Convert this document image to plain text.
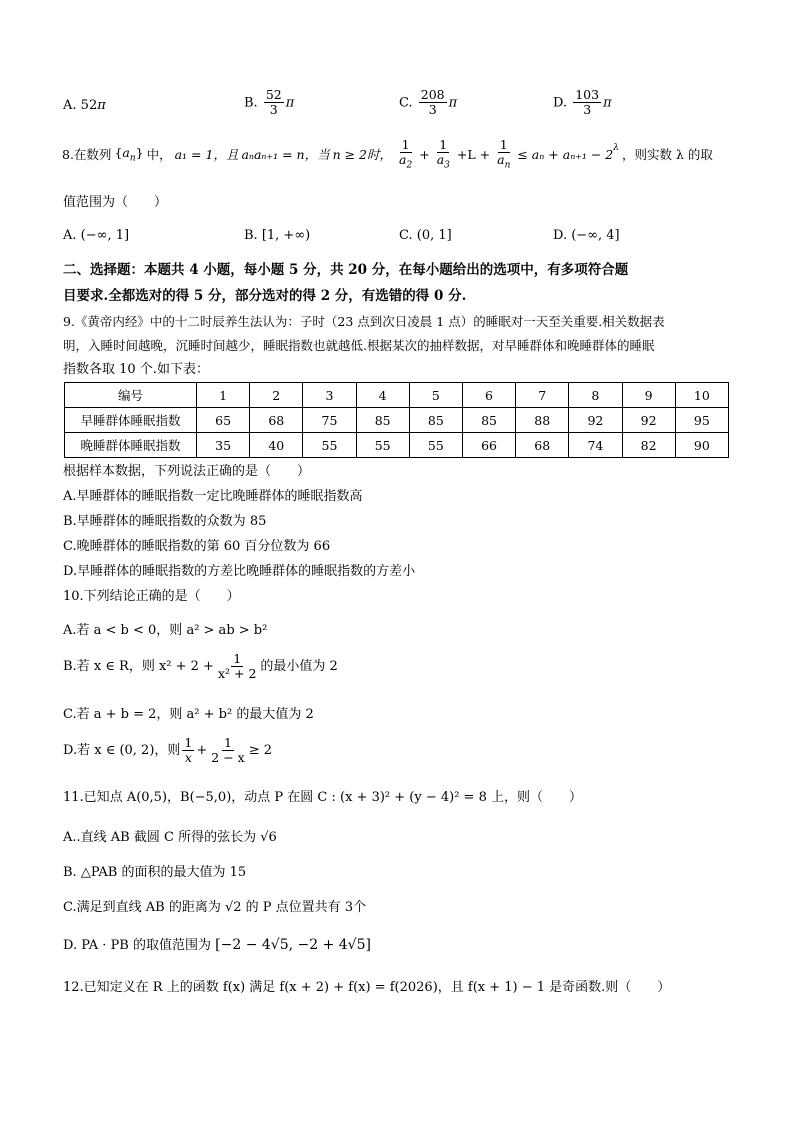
A. 52π	B. $\frac{52}{3}$ π	C. $\frac{208}{3}$ π	D. $\frac{103}{3}$ π
8.在数列 $\{a_n\}$ 中， a₁ = 1，且 aₙaₙ₊₁ = n，当 n ≥ 2时， $\frac{1}{a_2} + \frac{1}{a_3} +L + \frac{1}{a_n} \le a_n + a_{n+1} - 2^\lambda$ ，则实数 λ 的取
值范围为（　　）
A. (−∞, 1]	B. [1, +∞)	C. (0, 1]	D. (−∞, 4]
二、选择题：本题共 4 小题，每小题 5 分，共 20 分，在每小题给出的选项中，有多项符合题
目要求.全都选对的得 5 分，部分选对的得 2 分，有选错的得 0 分.
9.《黄帝内经》中的十二时辰养生法认为：子时（23 点到次日凌晨 1 点）的睡眠对一天至关重要.相关数据表
明，入睡时间越晚，沉睡时间越少，睡眠指数也就越低.根据某次的抽样数据，对早睡群体和晚睡群体的睡眠
指数各取 10 个.如下表：
编号	1	2	3	4	5	6	7	8	9	10
早睡群体睡眠指数	65	68	75	85	85	85	88	92	92	95
晚睡群体睡眠指数	35	40	55	55	55	66	68	74	82	90
根据样本数据，下列说法正确的是（　　）
A.早睡群体的睡眠指数一定比晚睡群体的睡眠指数高
B.早睡群体的睡眠指数的众数为 85
C.晚睡群体的睡眠指数的第 60 百分位数为 66
D.早睡群体的睡眠指数的方差比晚睡群体的睡眠指数的方差小
10.下列结论正确的是（　　）
A.若 a < b < 0，则 a² > ab > b²
B.若 x ∈ R，则 $x^2 + 2 + \frac{1}{\text{x² + 2}}$ 的最小值为 2
C.若 a + b = 2，则 a² + b² 的最大值为 2
D.若 x ∈ (0, 2)，则 $\frac{1}{x} + \frac{1}{2 - x} \ge 2$
11.已知点 A(0,5)，B(−5,0)，动点 P 在圆 C : (x + 3)² + (y − 4)² = 8 上，则（　　）
A..直线 AB 截圆 C 所得的弦长为 √6
B. △PAB 的面积的最大值为 15
C.满足到直线 AB 的距离为 √2 的 P 点位置共有 3个
D. PA · PB 的取值范围为 [−2 − 4√5, −2 + 4√5]
12.已知定义在 R 上的函数 f(x) 满足 f(x + 2) + f(x) = f(2026)，且 f(x + 1) − 1 是奇函数.则（　　）
